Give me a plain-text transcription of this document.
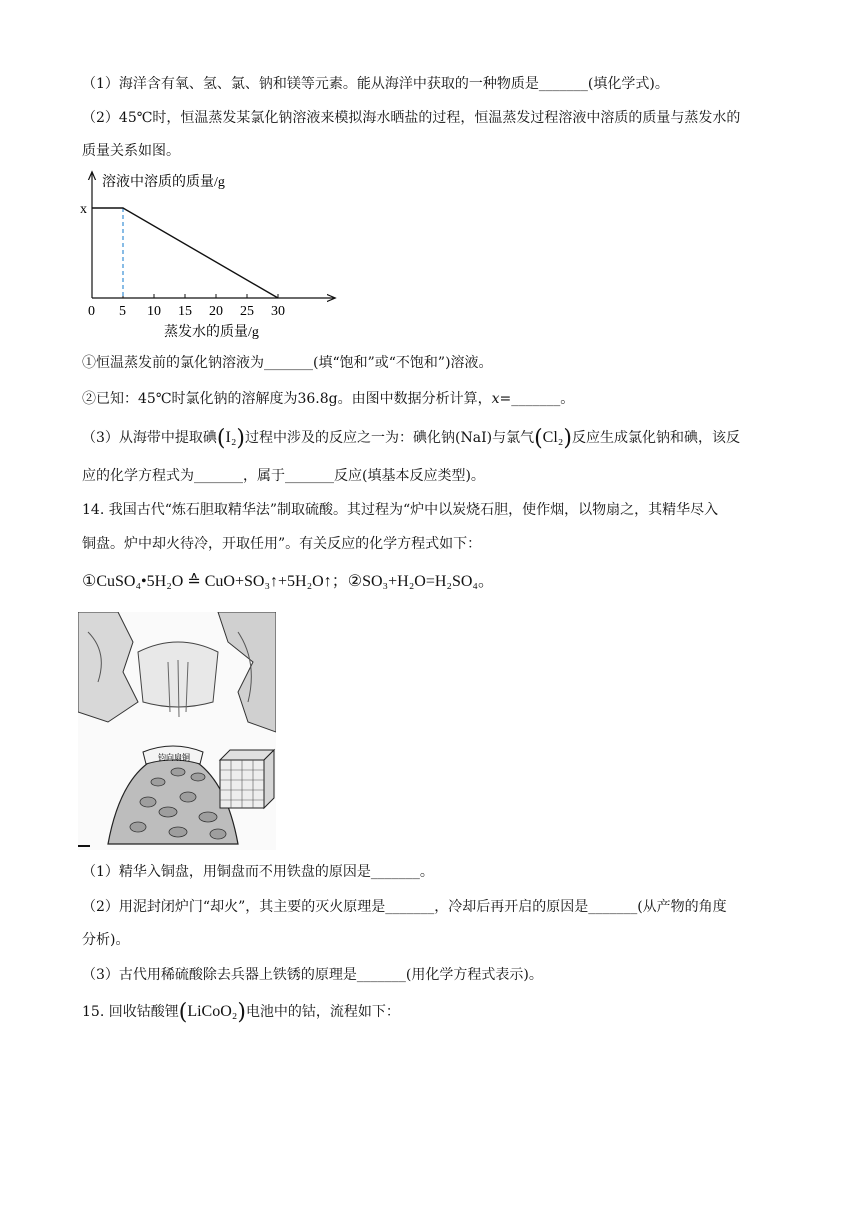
（1）海洋含有氧、氢、氯、钠和镁等元素。能从海洋中获取的一种物质是_______(填化学式)。
（2）45℃时，恒温蒸发某氯化钠溶液来模拟海水晒盐的过程，恒温蒸发过程溶液中溶质的质量与蒸发水的
质量关系如图。
溶液中溶质的质量/g
x
蒸发水的质量/g
0 5 10 15 20 25 30
①恒温蒸发前的氯化钠溶液为_______(填“饱和”或“不饱和”)溶液。
②已知：45℃时氯化钠的溶解度为36.8g。由图中数据分析计算，x=_______。
（3）从海带中提取碘(I₂)过程中涉及的反应之一为：碘化钠(NaI)与氯气(Cl₂)反应生成氯化钠和碘，该反
应的化学方程式为_______，属于_______反应(填基本反应类型)。
14. 我国古代“炼石胆取精华法”制取硫酸。其过程为“炉中以炭烧石胆，使作烟，以物扇之，其精华尽入
铜盘。炉中却火待冷，开取任用”。有关反应的化学方程式如下：
①CuSO₄•5H₂O ≙ CuO+SO₃↑+5H₂O↑；②SO₃+H₂O=H₂SO₄。
钧向扇铜
（1）精华入铜盘，用铜盘而不用铁盘的原因是_______。
（2）用泥封闭炉门“却火”，其主要的灭火原理是_______，冷却后再开启的原因是_______(从产物的角度
分析)。
（3）古代用稀硫酸除去兵器上铁锈的原理是_______(用化学方程式表示)。
15. 回收钴酸锂(LiCoO₂)电池中的钴，流程如下：
